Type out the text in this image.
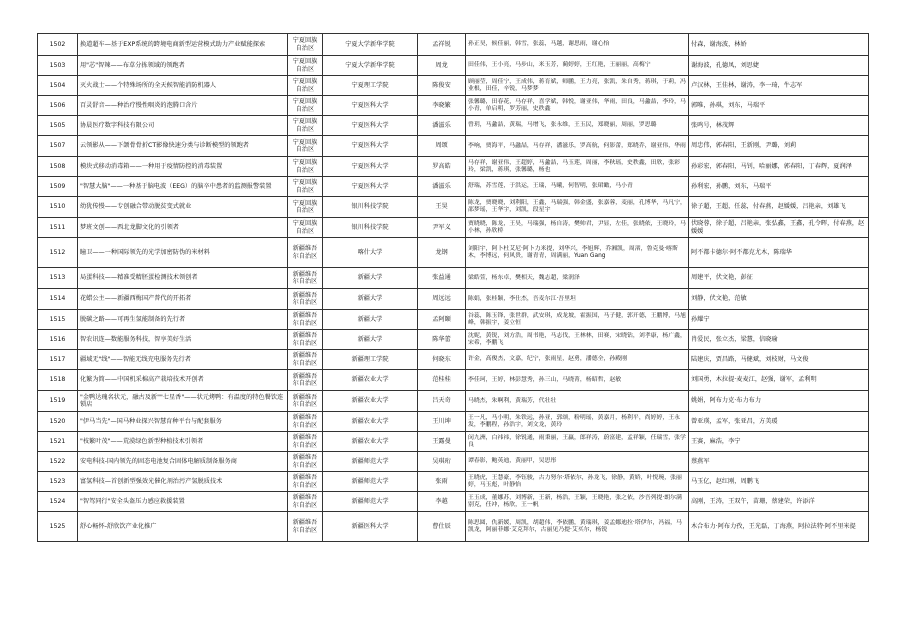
1502	换道超车—基于EXP系统的跨境电商新型运营模式助力产业赋能探索	宁夏回族自治区	宁夏大学新华学院	孟祥锐	孙正昊，候佳丽，韩雪，张蕊，马越，谢思雨，谢心怡	付森，谢海波，林娇
1503	用"芯"智辣——布草分拣领域的领跑者	宁夏回族自治区	宁夏大学新华学院	周龙	田佳伟，王小亮，马步山，米玉芳，蔺婷婷，王红艳，王丽丽，高梅宁	谢海波，孔德凤，刘思婕
1504	灭火战士——个特殊场所的全天候智能消防机器人	宁夏回族自治区	宁夏理工学院	陈俊安	顾丽莹，周佳宁，王成伟，蒋育斌，师鹏，王力亮，张凯，朱自秀，蒋琪，于莉，冯业根，田佳，辛锐，马梦梦	卢汉林，王佳林，谢涛，李一琦，牛志军
1506	百灵舒音——种治疗慢性咽炎的泡腾口含片	宁夏回族自治区	宁夏医科大学	李晓繁	张馨璐，田春花，马存祥，喜学斌，韩悦，谢亚伟，华雨，田良，马蠡喆，李玲，马小青，单启明，罗芳丽，史秩鑫	郭唯，孙琪，刘东，马瑞平
1505	协晨医疗数字科技有限公司	宁夏回族自治区	宁夏医科大学	潘滋乐	曾玥，马蠡喆，黄瑞，马增飞，张永维，王玉民，郑晓丽，周丽，罗思璐	张鸣号，林茂辉
1507	云领影从——下颌骨骨折CT影像快速分类与诊断模型的领跑者	宁夏回族自治区	宁夏医科大学	周颂	李响，贾海平，马蠡喆，马存祥，潘滋乐，罗高航，何影蕾，郑晓乔，谢亚伟，华雨	周忠伟，郭春阳，王新刚，尹璐，刘莉
1508	模块式移动消毒箱——一种用于疫情防控的消毒装置	宁夏回族自治区	宁夏医科大学	罗高皓	马存祥，谢亚伟，王超婷，马蠡喆，马玉莲，周丽，李秋瑶，史秩鑫，田欣，张彩玲，梁凯，蒋琪，张馨璐，杨也	孙彩宏，郭春阳，马钊，哈丽娜，郭春阳，丁春辉，夏润泽
1509	"智慧大脑"——一种基于脑电波（EEG）的脑卒中患者的监测报警装置	宁夏回族自治区	宁夏医科大学	潘滋乐	舒瑞，苏雪莲，于洪运，王瑞，马曦，何智明，张珺瞰，马小青	孙利宏，孙鹏，刘东，马瑞平
1510	幼犹传慢——专创融合带动脱贫变式就业	宁夏回族自治区	银川科技学院	王昊	陈龙，贾晓晓，刘利阳，王鑫，马瑞强，韩金盛，张嘉蓉，麦丽，孔博华，马凡宁，邵梦瑶，王华宇，刘凯，段星宇	徐子超，王超，任蕊，付春燕，赵媛媛，吕艳亲，刘雄飞
1511	梦班文创——西北龙脚文化的引领者	宁夏回族自治区	银川科技学院	尹军义	贾晓晓，陈龙，王昊，马瑞强，杨自涛，樊帅君，尹显，左佳，张晓依，王晓玲，马小林，孙欣桥	伏晓蓉，徐子超，吕艳亲，张弘鑫，王鑫，孔令晖，付春燕，赵媛媛
1512	瞳卫——一种国际领先的光学加密防伪的米材料	新疆维吾尔自治区	喀什大学	龙钢	刘阳宇，阿卜杜艾尼·阿卜力米提，刘华兴，李旭辉，乔湘凯，周渚，鲁克曼·喀斯木，李博远，何风贵，谢青青，周满丽，Yuan Gang	阿不都卡德尔·阿不都克尤木，陈瑞华
1513	局蛋科技——精准受精胚蛋检测技术领创者	新疆维吾尔自治区	新疆大学	张益通	梁皓萱，杨东卓，樊相天，魏志超，梁润泽	周建平，伏文艳，彭征
1514	花蜡公主——新疆西梅国产普代的开拓者	新疆维吾尔自治区	新疆大学	周远远	陈娟，张桂颖，李仕杰，吾麦尔江·吾里坦	刘静，伏文艳，范敏
1515	脱碳之路——可再生氢能制备的先行者	新疆维吾尔自治区	新疆大学	孟阿颐	谷蕊，陈玉锋，张世群，武安琪，成龙坡，霍振国，马子健，郭开德，王鹏博，马旭峰，韩振宇，姜立恒	孙耀宁
1516	智农讯连—数能服务科技，智享美好生活	新疆维吾尔自治区	新疆大学	陈华蕾	沈妮，黄锐，刘方浩，周书艳，马志伐，王林林，田赛，宋晓钻，刘孝康，杨广鑫，宋希，李鹏飞	肖爱民，张立杰，梁慧，信晓瑜
1517	疆域无"线"——智能无线充电服务先行者	新疆维吾尔自治区	新疆理工学院	何晓东	许金，高俊杰，文嘉，纪宁，张雨星，赵勇，潘德全，孙殿刚	陆建庆，贾昌路，马健斌，刘枝财，马文俊
1518	化繁为简——中国机采棉高产栽培技术开创者	新疆维吾尔自治区	新疆农业大学	范桂桂	李佳珂，王婷，林彭慧秀，孙三山，马晓菁，杨昭哲，赵敏	刘国勇，木拉提·麦麦江，赵强，谢军，孟利明
1519	"金鸭达瑰名状元，融古及新""七星香"——状元烤鸭：有温度的特色餐饮连锁店	新疆维吾尔自治区	新疆农业大学	吕天奇	马晓杰，朱啊利，黄瑞芳，代壮壮	姚娟，阿布力克·布力布力
1520	"伊马当先"—国马种业探兴智慧育种平台与配套服务	新疆维吾尔自治区	新疆农业大学	王川坤	王一凡，马小明，朱铁远，孙亚，郭颂，粉明瑶，黄嘉月，杨利平，尚婷婷，王永发，李鹏程，孙浩宇，刘文龙，黄玲	曾亚瑛，孟军，张亚昌，方美瑗
1521	"枝繁叶茂"——荒漠绿色新型种植技术引领者	新疆维吾尔自治区	新疆农业大学	王露曼	闵九洲，白祎祎，徐锐通，雨秉丽，王赢，郎祥涛，蔚富建，孟祥颖，任瑞雪，张学良	王赛，麻浩，李宁
1522	安电科技-国内领先的固态电池复合固体电解质制备服务商	新疆维吾尔自治区	新疆师范大学	吴琪珩	谭春影，鲍英迪，黄丽甲，吴思彤	蔡燕军
1523	富氢科技—首创新型强效光催化剂治污产氢脱质技术	新疆维吾尔自治区	新疆师范大学	张雨	王晓虎，王慧豪，李钰骏，古力努尔·塔依尔，孙龙飞，徐静，黄娇，叶悦琬，张丽婷，马玉彪，叶静怡	马玉亿，赵红刚，周鹏飞
1524	"智驾同行"安全头盔压力感应救援装置	新疆维吾尔自治区	新疆师范大学	李越	王玉成，董娜苏，刘博新，王新，杨浩，王颖，王晓艳，张之依，沙吾列提·朗尔满别克，任冲，杨欣，王一帆	高刚，王涛，王双午，苗珊，蔡建荣，许添洋
1525	舒心畅怀-舒欣饮产业化推广	新疆维吾尔自治区	新疆医科大学	曹仕辰	陈思圆，仇新媛，周凯，胡超伟，李依鹏，黄瑞琪，姜孟娜迪拉·塔伊尔，冯福，马凯龙，阿丽菲娜·艾克拜尔，古丽见乃提·艾买尔，杨锐	木合布力·阿布力孜，王光磊，丁海燕，阿拉法特·阿不里米提
